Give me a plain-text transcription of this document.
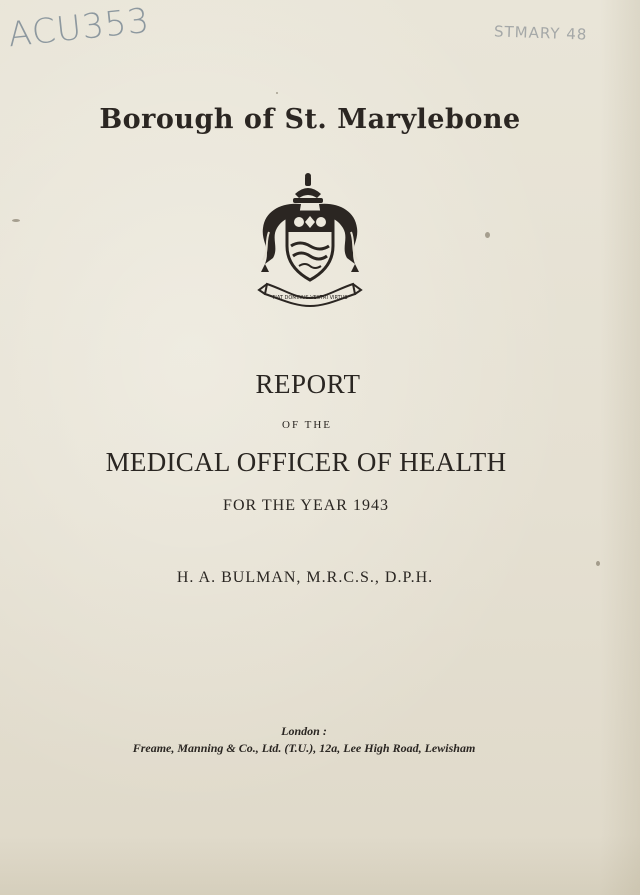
ACU353	STMARY 48
Borough of St. Marylebone
FIAT DOMINUS VESTRI VIRTUS
REPORT
OF THE
MEDICAL OFFICER OF HEALTH
FOR THE YEAR 1943
H. A. BULMAN, M.R.C.S., D.P.H.
London :
Freame, Manning & Co., Ltd. (T.U.), 12a, Lee High Road, Lewisham
